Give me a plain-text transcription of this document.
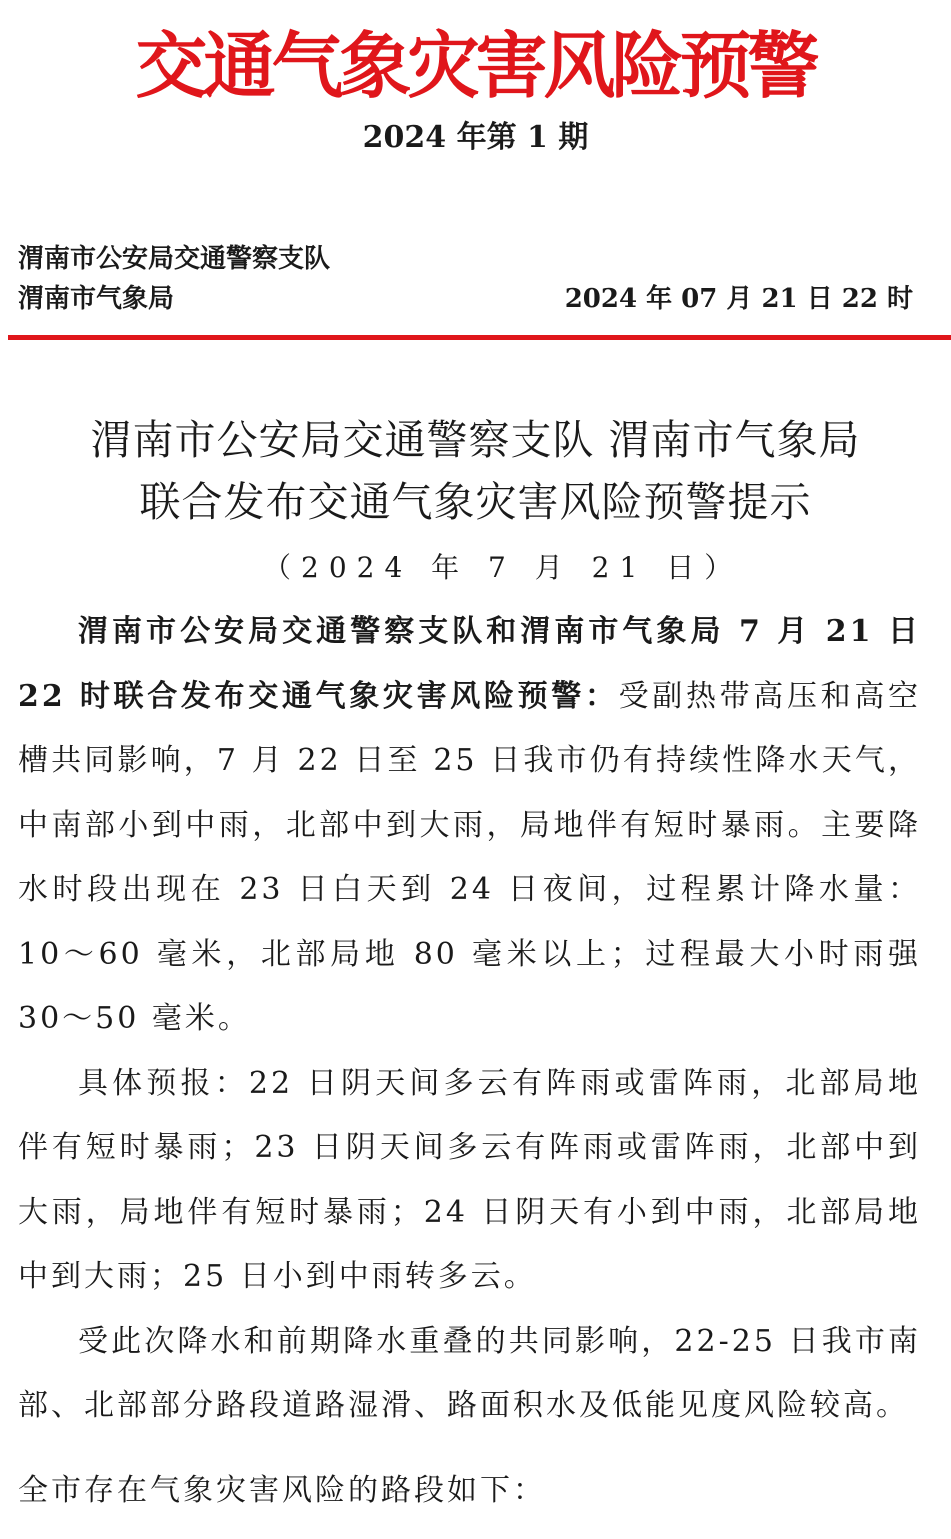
交通气象灾害风险预警
2024 年第 1 期
渭南市公安局交通警察支队
渭南市气象局	2024 年 07 月 21 日 22 时
渭南市公安局交通警察支队 渭南市气象局
联合发布交通气象灾害风险预警提示
（2024 年 7 月 21 日）

渭南市公安局交通警察支队和渭南市气象局 7 月 21 日 22 时联合发布交通气象灾害风险预警：受副热带高压和高空槽共同影响，7 月 22 日至 25 日我市仍有持续性降水天气，中南部小到中雨，北部中到大雨，局地伴有短时暴雨。主要降水时段出现在 23 日白天到 24 日夜间，过程累计降水量：10～60 毫米，北部局地 80 毫米以上；过程最大小时雨强 30～50 毫米。

具体预报：22 日阴天间多云有阵雨或雷阵雨，北部局地伴有短时暴雨；23 日阴天间多云有阵雨或雷阵雨，北部中到大雨，局地伴有短时暴雨；24 日阴天有小到中雨，北部局地中到大雨；25 日小到中雨转多云。

受此次降水和前期降水重叠的共同影响，22-25 日我市南部、北部部分路段道路湿滑、路面积水及低能见度风险较高。

全市存在气象灾害风险的路段如下：
